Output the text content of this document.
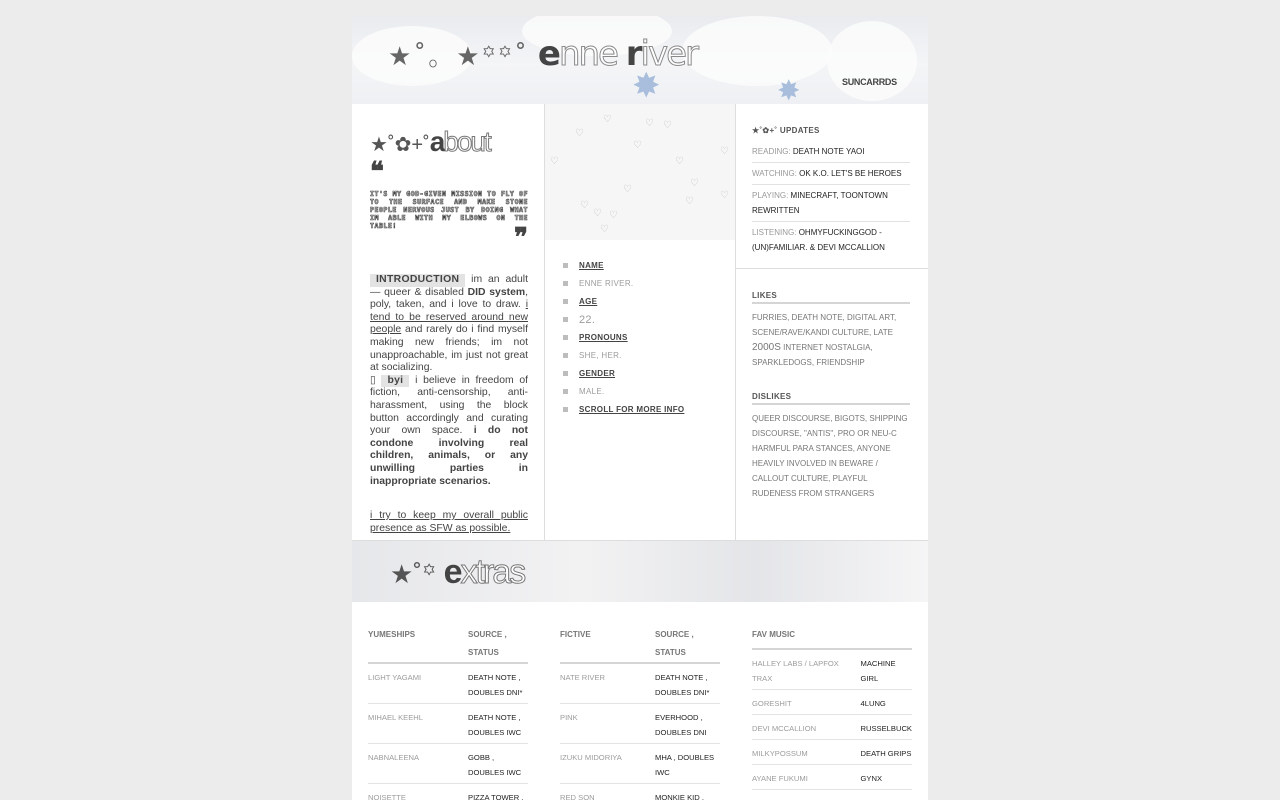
✸	✸
★˚。★꙳꙳˚ enne river
SUNCARRDS
★˚✿+˚about
❝
IT'S MY GOD-GIVEN MISSION TO FLY OF TO THE SURFACE AND MAKE STONE PEOPLE NERVOUS JUST BY DOING WHAT IM ABLE WITH MY ELBOWS ON THE TABLE!	❞

INTRODUCTION im an adult — queer & disabled DID system, poly, taken, and i love to draw. i tend to be reserved around new people and rarely do i find myself making new friends; im not unapproachable, im just not great at socializing.

▯ byi i believe in freedom of fiction, anti-censorship, anti-harassment, using the block button accordingly and curating your own space. i do not condone involving real children, animals, or any unwilling parties in inappropriate scenarios.

i try to keep my overall public presence as SFW as possible.
♡	♡ ♡
♡
♡
♡
♡
♡
♡
♡
♡
♡
♡ ♡
♡
♡
NAME
ENNE RIVER.
AGE
22.
PRONOUNS
SHE, HER.
GENDER
MALE.
SCROLL FOR MORE INFO
★˚✿+˚ UPDATES
READING: DEATH NOTE YAOI
WATCHING: OK K.O. LET'S BE HEROES
PLAYING: MINECRAFT, TOONTOWN REWRITTEN
LISTENING: OHMYFUCKINGGOD - (UN)FAMILIAR. & DEVI MCCALLION
LIKES
FURRIES, DEATH NOTE, DIGITAL ART, SCENE/RAVE/KANDI CULTURE, LATE 2000S INTERNET NOSTALGIA, SPARKLEDOGS, FRIENDSHIP
DISLIKES
QUEER DISCOURSE, BIGOTS, SHIPPING DISCOURSE, "ANTIS", PRO OR NEU-C HARMFUL PARA STANCES, ANYONE HEAVILY INVOLVED IN BEWARE / CALLOUT CULTURE, PLAYFUL RUDENESS FROM STRANGERS
★˚꙳ extras
YUMESHIPS	SOURCE , STATUS
LIGHT YAGAMI	DEATH NOTE , DOUBLES DNI*
MIHAEL KEEHL	DEATH NOTE , DOUBLES IWC
NABNALEENA	GOBB , DOUBLES IWC
NOISETTE	PIZZA TOWER ,
FICTIVE	SOURCE , STATUS
NATE RIVER	DEATH NOTE , DOUBLES DNI*
PINK	EVERHOOD , DOUBLES DNI
IZUKU MIDORIYA	MHA , DOUBLES IWC
RED SON	MONKIE KID ,
FAV MUSIC	
HALLEY LABS / LAPFOX TRAX	MACHINE GIRL
GORESHIT	4LUNG
DEVI MCCALLION	RUSSELBUCK
MILKYPOSSUM	DEATH GRIPS
AYANE FUKUMI	GYNX
